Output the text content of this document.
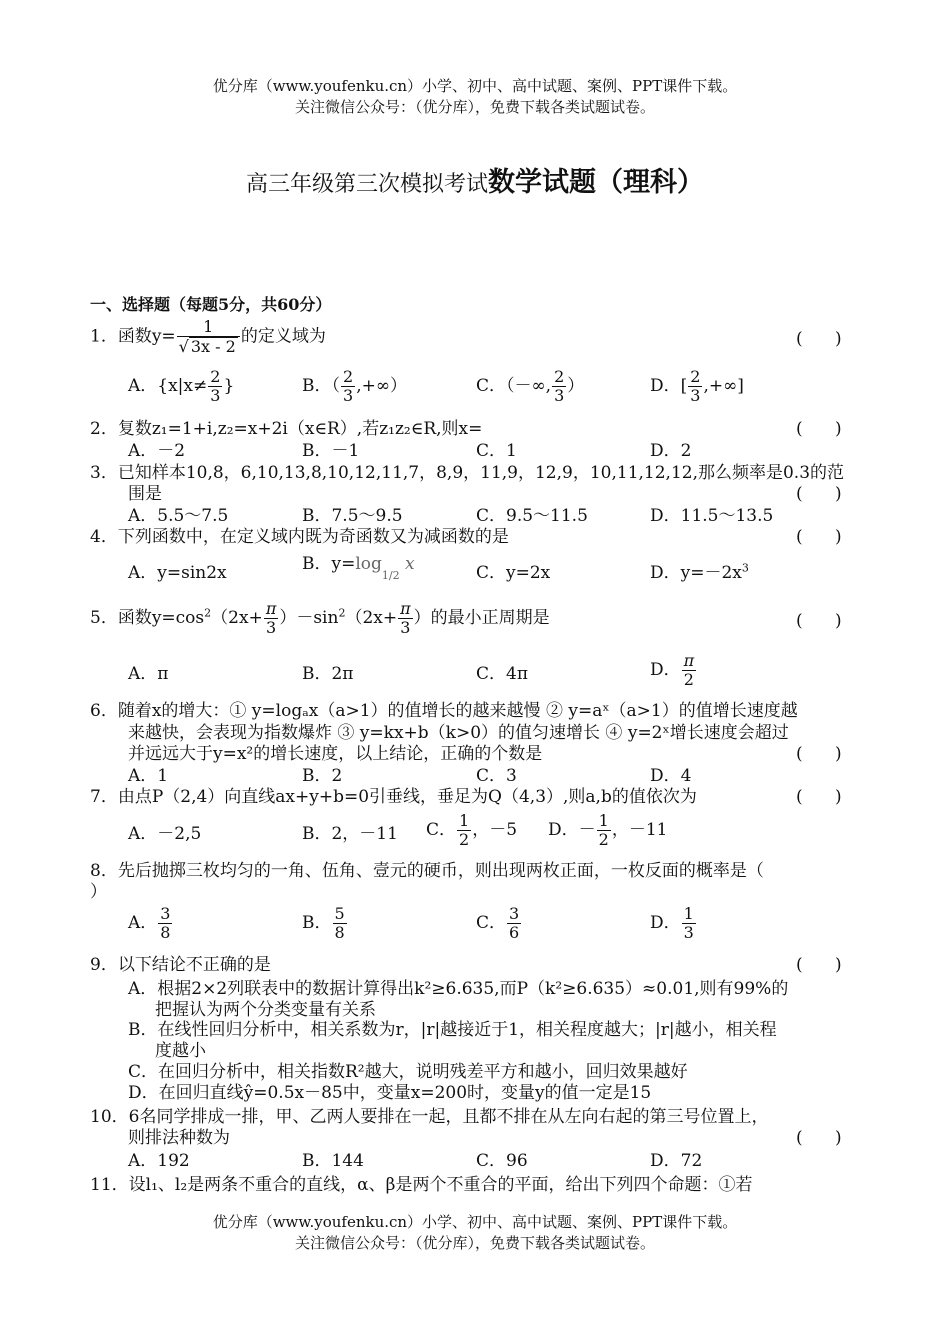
优分库（www.youfenku.cn）小学、初中、高中试题、案例、PPT课件下载。
关注微信公众号：（优分库），免费下载各类试题试卷。
高三年级第三次模拟考试数学试题（理科）
一、选择题（每题5分，共60分）
1．函数$y= \frac{1}{√ 3x - 2}$ 的定义域为	(      )
A．{$x|x\ne \frac{2}{3}$ }	B．（ $\frac{2}{3}$ ,+∞）	C．（－∞, $\frac{2}{3}$ ）	D．[ $\frac{2}{3}$ ,+∞]
2．复数z₁=1+i,z₂=x+2i（x∈R）,若z₁z₂∈R,则x=	(      )
A．－2	B．－1	C．1	D．2
3．已知样本10,8，6,10,13,8,10,12,11,7，8,9，11,9，12,9，10,11,12,12,那么频率是0.3的范
围是	(      )
A．5.5～7.5	B．7.5～9.5	C．9.5～11.5	D．11.5～13.5
4．下列函数中，在定义域内既为奇函数又为减函数的是	(      )
A．y=sin2x	B．$y=\log_{1/2}$ x	C．y=2x	D．$y=-2x^3$
5．函数$y=\cos^2(2x+ \frac{\pi}{3} )-\sin^2(2x+ \frac{\pi}{3}$ ）的最小正周期是	(      )
A．π	B．2π	C．4π	D． $\frac{\pi}{2}$
6．随着x的增大：① y=logₐx（a>1）的值增长的越来越慢 ② y=aˣ（a>1）的值增长速度越
来越快，会表现为指数爆炸 ③ y=kx+b（k>0）的值匀速增长 ④ y=2ˣ增长速度会超过
并远远大于y=x²的增长速度，以上结论，正确的个数是	(      )
A．1	B．2	C．3	D．4
7．由点P（2,4）向直线ax+y+b=0引垂线，垂足为Q（4,3）,则a,b的值依次为	(      )
A．－2,5	B．2，－11 C． $\frac{1}{2}$ ，－5 D．－ $\frac{1}{2}$ ，－11
8．先后抛掷三枚均匀的一角、伍角、壹元的硬币，则出现两枚正面，一枚反面的概率是（
）
A． $\frac{3}{8}$	B． $\frac{5}{8}$	C． $\frac{3}{6}$	D． $\frac{1}{3}$
9．以下结论不正确的是	(      )
A．根据2×2列联表中的数据计算得出k²≥6.635,而P（k²≥6.635）≈0.01,则有99%的
把握认为两个分类变量有关系
B．在线性回归分析中，相关系数为r，|r|越接近于1，相关程度越大；|r|越小，相关程
度越小
C．在回归分析中，相关指数R²越大，说明残差平方和越小，回归效果越好
D．在回归直线ŷ=0.5x－85中，变量x=200时，变量y的值一定是15
10．6名同学排成一排，甲、乙两人要排在一起，且都不排在从左向右起的第三号位置上，
则排法种数为	(      )
A．192	B．144	C．96	D．72
11．设l₁、l₂是两条不重合的直线，α、β是两个不重合的平面，给出下列四个命题：①若
优分库（www.youfenku.cn）小学、初中、高中试题、案例、PPT课件下载。
关注微信公众号：（优分库），免费下载各类试题试卷。
